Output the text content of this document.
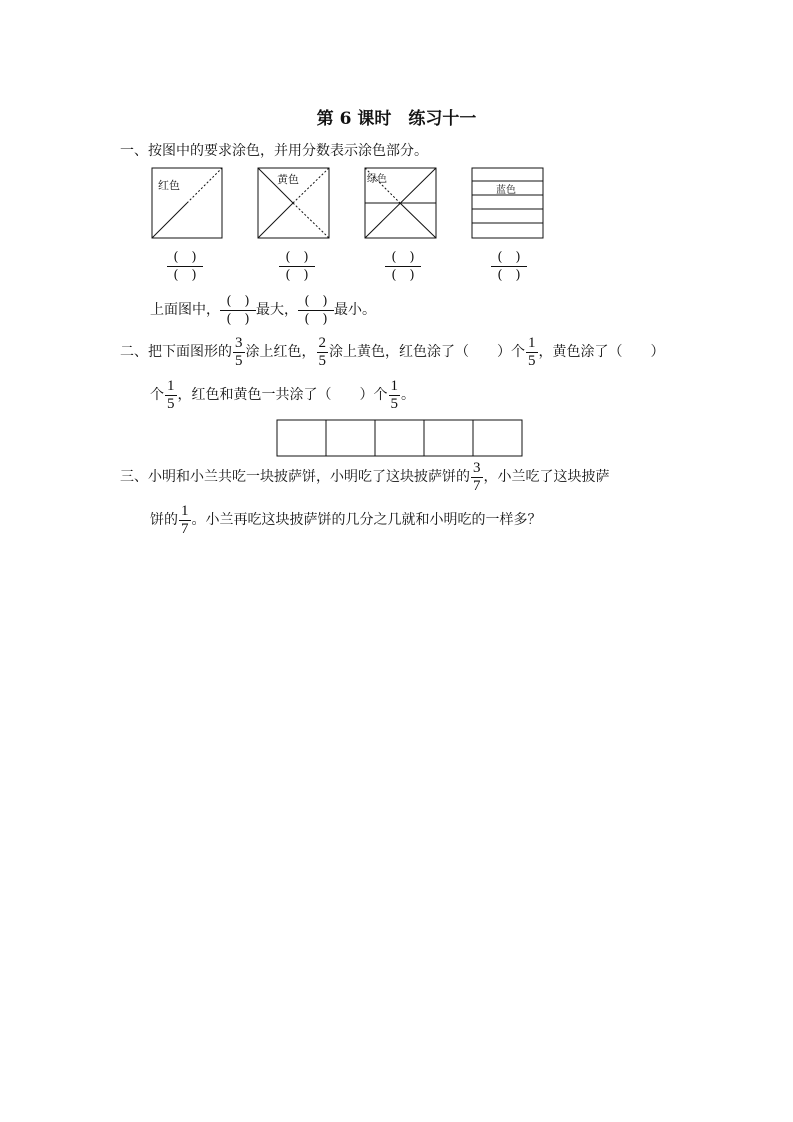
第 6 课时　练习十一
一、按图中的要求涂色，并用分数表示涂色部分。
红色	黄色	绿色
蓝色
(　)
(　)
(　)
(　)
(　)
(　)
(　)
(　)
上面图中，
(　)
(　)
最大，
(　)
(　)
最小。
二、把下面图形的 $\frac{3}{5}$ 涂上红色， $\frac{2}{5}$ 涂上黄色，红色涂了（　　）个 $\frac{1}{5}$ ，黄色涂了（　　）
个 $\frac{1}{5}$ ，红色和黄色一共涂了（　　）个 $\frac{1}{5}$ 。
三、小明和小兰共吃一块披萨饼，小明吃了这块披萨饼的 $\frac{3}{7}$ ，小兰吃了这块披萨
饼的 $\frac{1}{7}$ 。小兰再吃这块披萨饼的几分之几就和小明吃的一样多？
